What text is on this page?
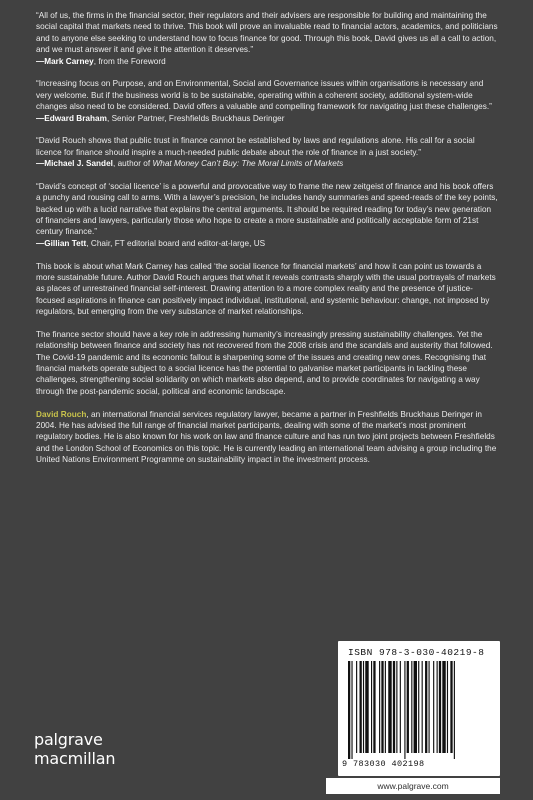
“All of us, the firms in the financial sector, their regulators and their advisers are responsible for building and maintaining the social capital that markets need to thrive. This book will prove an invaluable read to financial actors, academics, and politicians and to anyone else seeking to understand how to focus finance for good. Through this book, David gives us all a call to action, and we must answer it and give it the attention it deserves.”

—Mark Carney, from the Foreword

“Increasing focus on Purpose, and on Environmental, Social and Governance issues within organisations is necessary and very welcome. But if the business world is to be sustainable, operating within a coherent society, additional system-wide changes also need to be considered. David offers a valuable and compelling framework for navigating just these challenges.”

—Edward Braham, Senior Partner, Freshfields Bruckhaus Deringer

“David Rouch shows that public trust in finance cannot be established by laws and regulations alone. His call for a social licence for finance should inspire a much-needed public debate about the role of finance in a just society.”

—Michael J. Sandel, author of What Money Can’t Buy: The Moral Limits of Markets

“David’s concept of ‘social licence’ is a powerful and provocative way to frame the new zeitgeist of finance and his book offers a punchy and rousing call to arms. With a lawyer’s precision, he includes handy summaries and speed-reads of the key points, backed up with a lucid narrative that explains the central arguments. It should be required reading for today’s new generation of financiers and lawyers, particularly those who hope to create a more sustainable and politically acceptable form of 21st century finance.”

—Gillian Tett, Chair, FT editorial board and editor-at-large, US

This book is about what Mark Carney has called ‘the social licence for financial markets’ and how it can point us towards a more sustainable future. Author David Rouch argues that what it reveals contrasts sharply with the usual portrayals of markets as places of unrestrained financial self-interest. Drawing attention to a more complex reality and the presence of justice-focused aspirations in finance can positively impact individual, institutional, and systemic behaviour: change, not imposed by regulators, but emerging from the very substance of market relationships.

The finance sector should have a key role in addressing humanity’s increasingly pressing sustainability challenges. Yet the relationship between finance and society has not recovered from the 2008 crisis and the scandals and austerity that followed. The Covid-19 pandemic and its economic fallout is sharpening some of the issues and creating new ones. Recognising that financial markets operate subject to a social licence has the potential to galvanise market participants in tackling these challenges, strengthening social solidarity on which markets also depend, and to provide coordinates for navigating a way through the post-pandemic social, political and economic landscape.

David Rouch, an international financial services regulatory lawyer, became a partner in Freshfields Bruckhaus Deringer in 2004. He has advised the full range of financial market participants, dealing with some of the market’s most prominent regulatory bodies. He is also known for his work on law and finance culture and has run two joint projects between Freshfields and the London School of Economics on this topic. He is currently leading an international team advising a group including the United Nations Environment Programme on sustainability impact in the investment process.

palgrave
macmillan
ISBN 978-3-030-40219-8
9 783030 402198
www.palgrave.com
